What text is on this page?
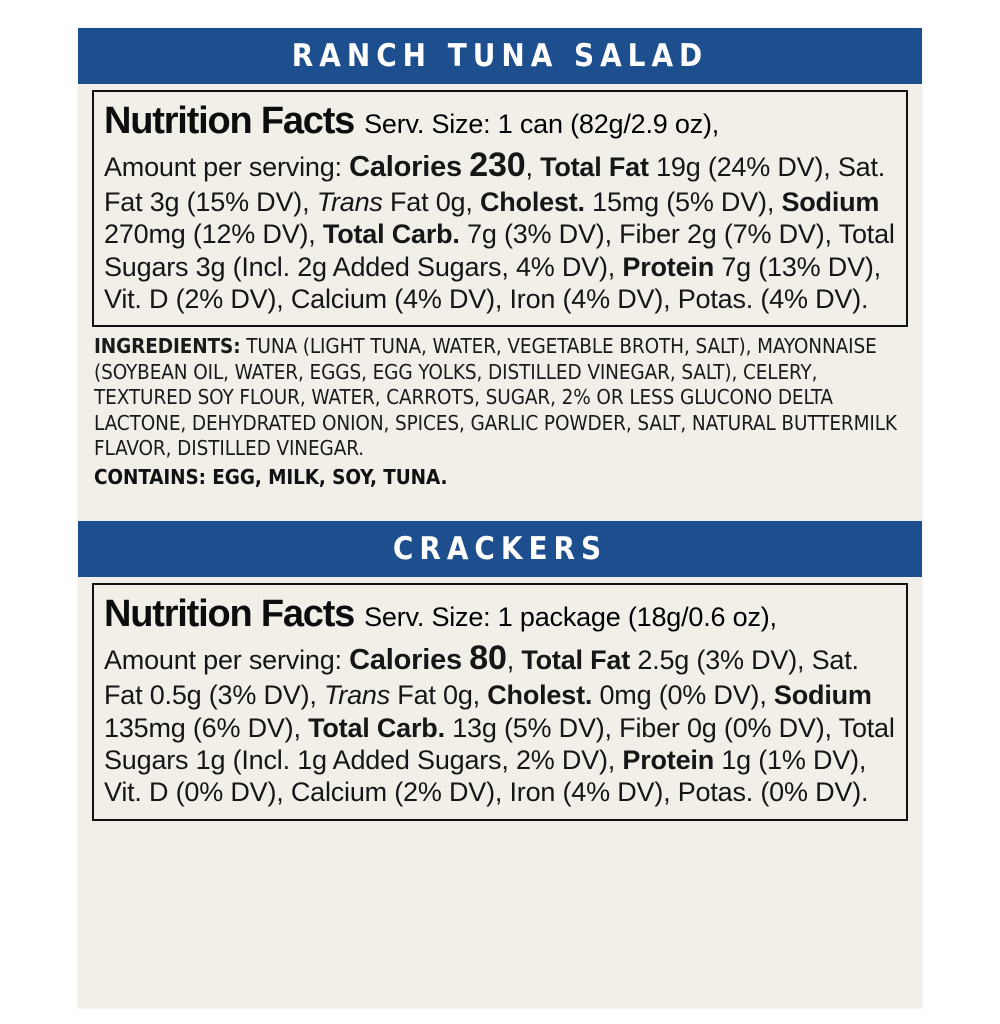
RANCH TUNA SALAD
Nutrition Facts Serv. Size: 1 can (82g/2.9 oz),
Amount per serving: Calories 230, Total Fat 19g (24% DV), Sat. Fat 3g (15% DV), Trans Fat 0g, Cholest. 15mg (5% DV), Sodium 270mg (12% DV), Total Carb. 7g (3% DV), Fiber 2g (7% DV), Total Sugars 3g (Incl. 2g Added Sugars, 4% DV), Protein 7g (13% DV), Vit. D (2% DV), Calcium (4% DV), Iron (4% DV), Potas. (4% DV).
INGREDIENTS: TUNA (LIGHT TUNA, WATER, VEGETABLE BROTH, SALT), MAYONNAISE (SOYBEAN OIL, WATER, EGGS, EGG YOLKS, DISTILLED VINEGAR, SALT), CELERY, TEXTURED SOY FLOUR, WATER, CARROTS, SUGAR, 2% OR LESS GLUCONO DELTA LACTONE, DEHYDRATED ONION, SPICES, GARLIC POWDER, SALT, NATURAL BUTTERMILK FLAVOR, DISTILLED VINEGAR.
CONTAINS: EGG, MILK, SOY, TUNA.
CRACKERS
Nutrition Facts Serv. Size: 1 package (18g/0.6 oz),
Amount per serving: Calories 80, Total Fat 2.5g (3% DV), Sat. Fat 0.5g (3% DV), Trans Fat 0g, Cholest. 0mg (0% DV), Sodium 135mg (6% DV), Total Carb. 13g (5% DV), Fiber 0g (0% DV), Total Sugars 1g (Incl. 1g Added Sugars, 2% DV), Protein 1g (1% DV), Vit. D (0% DV), Calcium (2% DV), Iron (4% DV), Potas. (0% DV).
